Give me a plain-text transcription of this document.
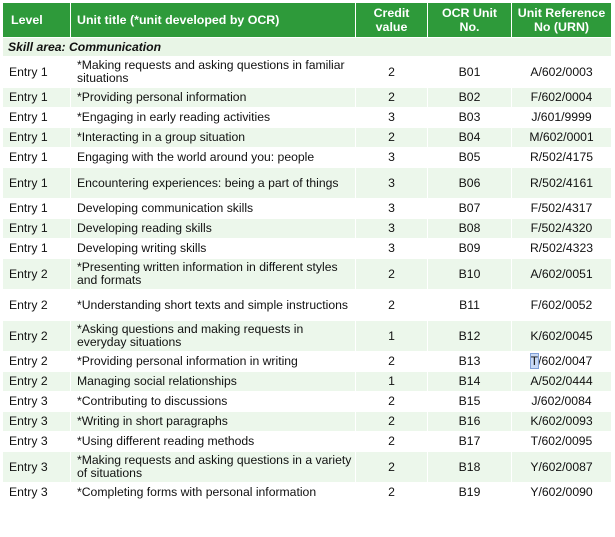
Level	Unit title (*unit developed by OCR)	Credit value	OCR Unit No.	Unit Reference No (URN)
Skill area: Communication				
Entry 1	*Making requests and asking questions in familiar situations	2	B01	A/602/0003
Entry 1	*Providing personal information	2	B02	F/602/0004
Entry 1	*Engaging in early reading activities	3	B03	J/601/9999
Entry 1	*Interacting in a group situation	2	B04	M/602/0001
Entry 1	Engaging with the world around you: people	3	B05	R/502/4175
Entry 1	Encountering experiences: being a part of things	3	B06	R/502/4161
Entry 1	Developing communication skills	3	B07	F/502/4317
Entry 1	Developing reading skills	3	B08	F/502/4320
Entry 1	Developing writing skills	3	B09	R/502/4323
Entry 2	*Presenting written information in different styles and formats	2	B10	A/602/0051
Entry 2	*Understanding short texts and simple instructions	2	B11	F/602/0052
Entry 2	*Asking questions and making requests in everyday situations	1	B12	K/602/0045
Entry 2	*Providing personal information in writing	2	B13	T/602/0047
Entry 2	Managing social relationships	1	B14	A/502/0444
Entry 3	*Contributing to discussions	2	B15	J/602/0084
Entry 3	*Writing in short paragraphs	2	B16	K/602/0093
Entry 3	*Using different reading methods	2	B17	T/602/0095
Entry 3	*Making requests and asking questions in a variety of situations	2	B18	Y/602/0087
Entry 3	*Completing forms with personal information	2	B19	Y/602/0090
